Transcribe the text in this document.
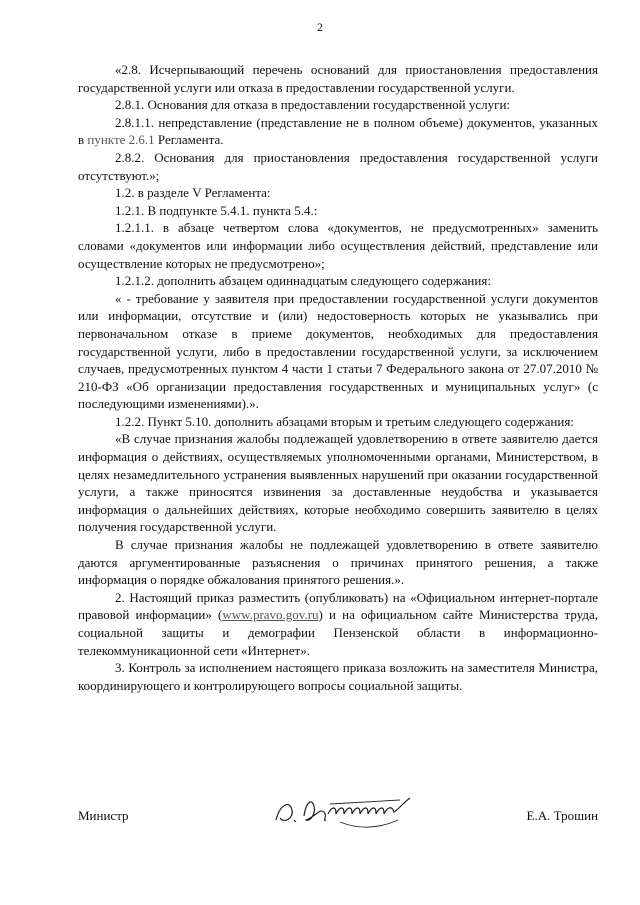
2

«2.8. Исчерпывающий перечень оснований для приостановления предоставления государственной услуги или отказа в предоставлении государственной услуги.

2.8.1. Основания для отказа в предоставлении государственной услуги:

2.8.1.1. непредставление (представление не в полном объеме) документов, указанных в пункте 2.6.1 Регламента.

2.8.2. Основания для приостановления предоставления государственной услуги отсутствуют.»;

1.2. в разделе V Регламента:

1.2.1. В подпункте 5.4.1. пункта 5.4.:

1.2.1.1. в абзаце четвертом слова «документов, не предусмотренных» заменить словами «документов или информации либо осуществления действий, представление или осуществление которых не предусмотрено»;

1.2.1.2. дополнить абзацем одиннадцатым следующего содержания:

« - требование у заявителя при предоставлении государственной услуги документов или информации, отсутствие и (или) недостоверность которых не указывались при первоначальном отказе в приеме документов, необходимых для предоставления государственной услуги, либо в предоставлении государственной услуги, за исключением случаев, предусмотренных пунктом 4 части 1 статьи 7 Федерального закона от 27.07.2010 № 210-ФЗ «Об организации предоставления государственных и муниципальных услуг» (с последующими изменениями).».

1.2.2. Пункт 5.10. дополнить абзацами вторым и третьим следующего содержания:

«В случае признания жалобы подлежащей удовлетворению в ответе заявителю дается информация о действиях, осуществляемых уполномоченными органами, Министерством, в целях незамедлительного устранения выявленных нарушений при оказании государственной услуги, а также приносятся извинения за доставленные неудобства и указывается информация о дальнейших действиях, которые необходимо совершить заявителю в целях получения государственной услуги.

В случае признания жалобы не подлежащей удовлетворению в ответе заявителю даются аргументированные разъяснения о причинах принятого решения, а также информация о порядке обжалования принятого решения.».

2. Настоящий приказ разместить (опубликовать) на «Официальном интернет-портале правовой информации» (www.pravo.gov.ru) и на официальном сайте Министерства труда, социальной защиты и демографии Пензенской области в информационно-телекоммуникационной сети «Интернет».

3. Контроль за исполнением настоящего приказа возложить на заместителя Министра, координирующего и контролирующего вопросы социальной защиты.

Министр	Е.А. Трошин
